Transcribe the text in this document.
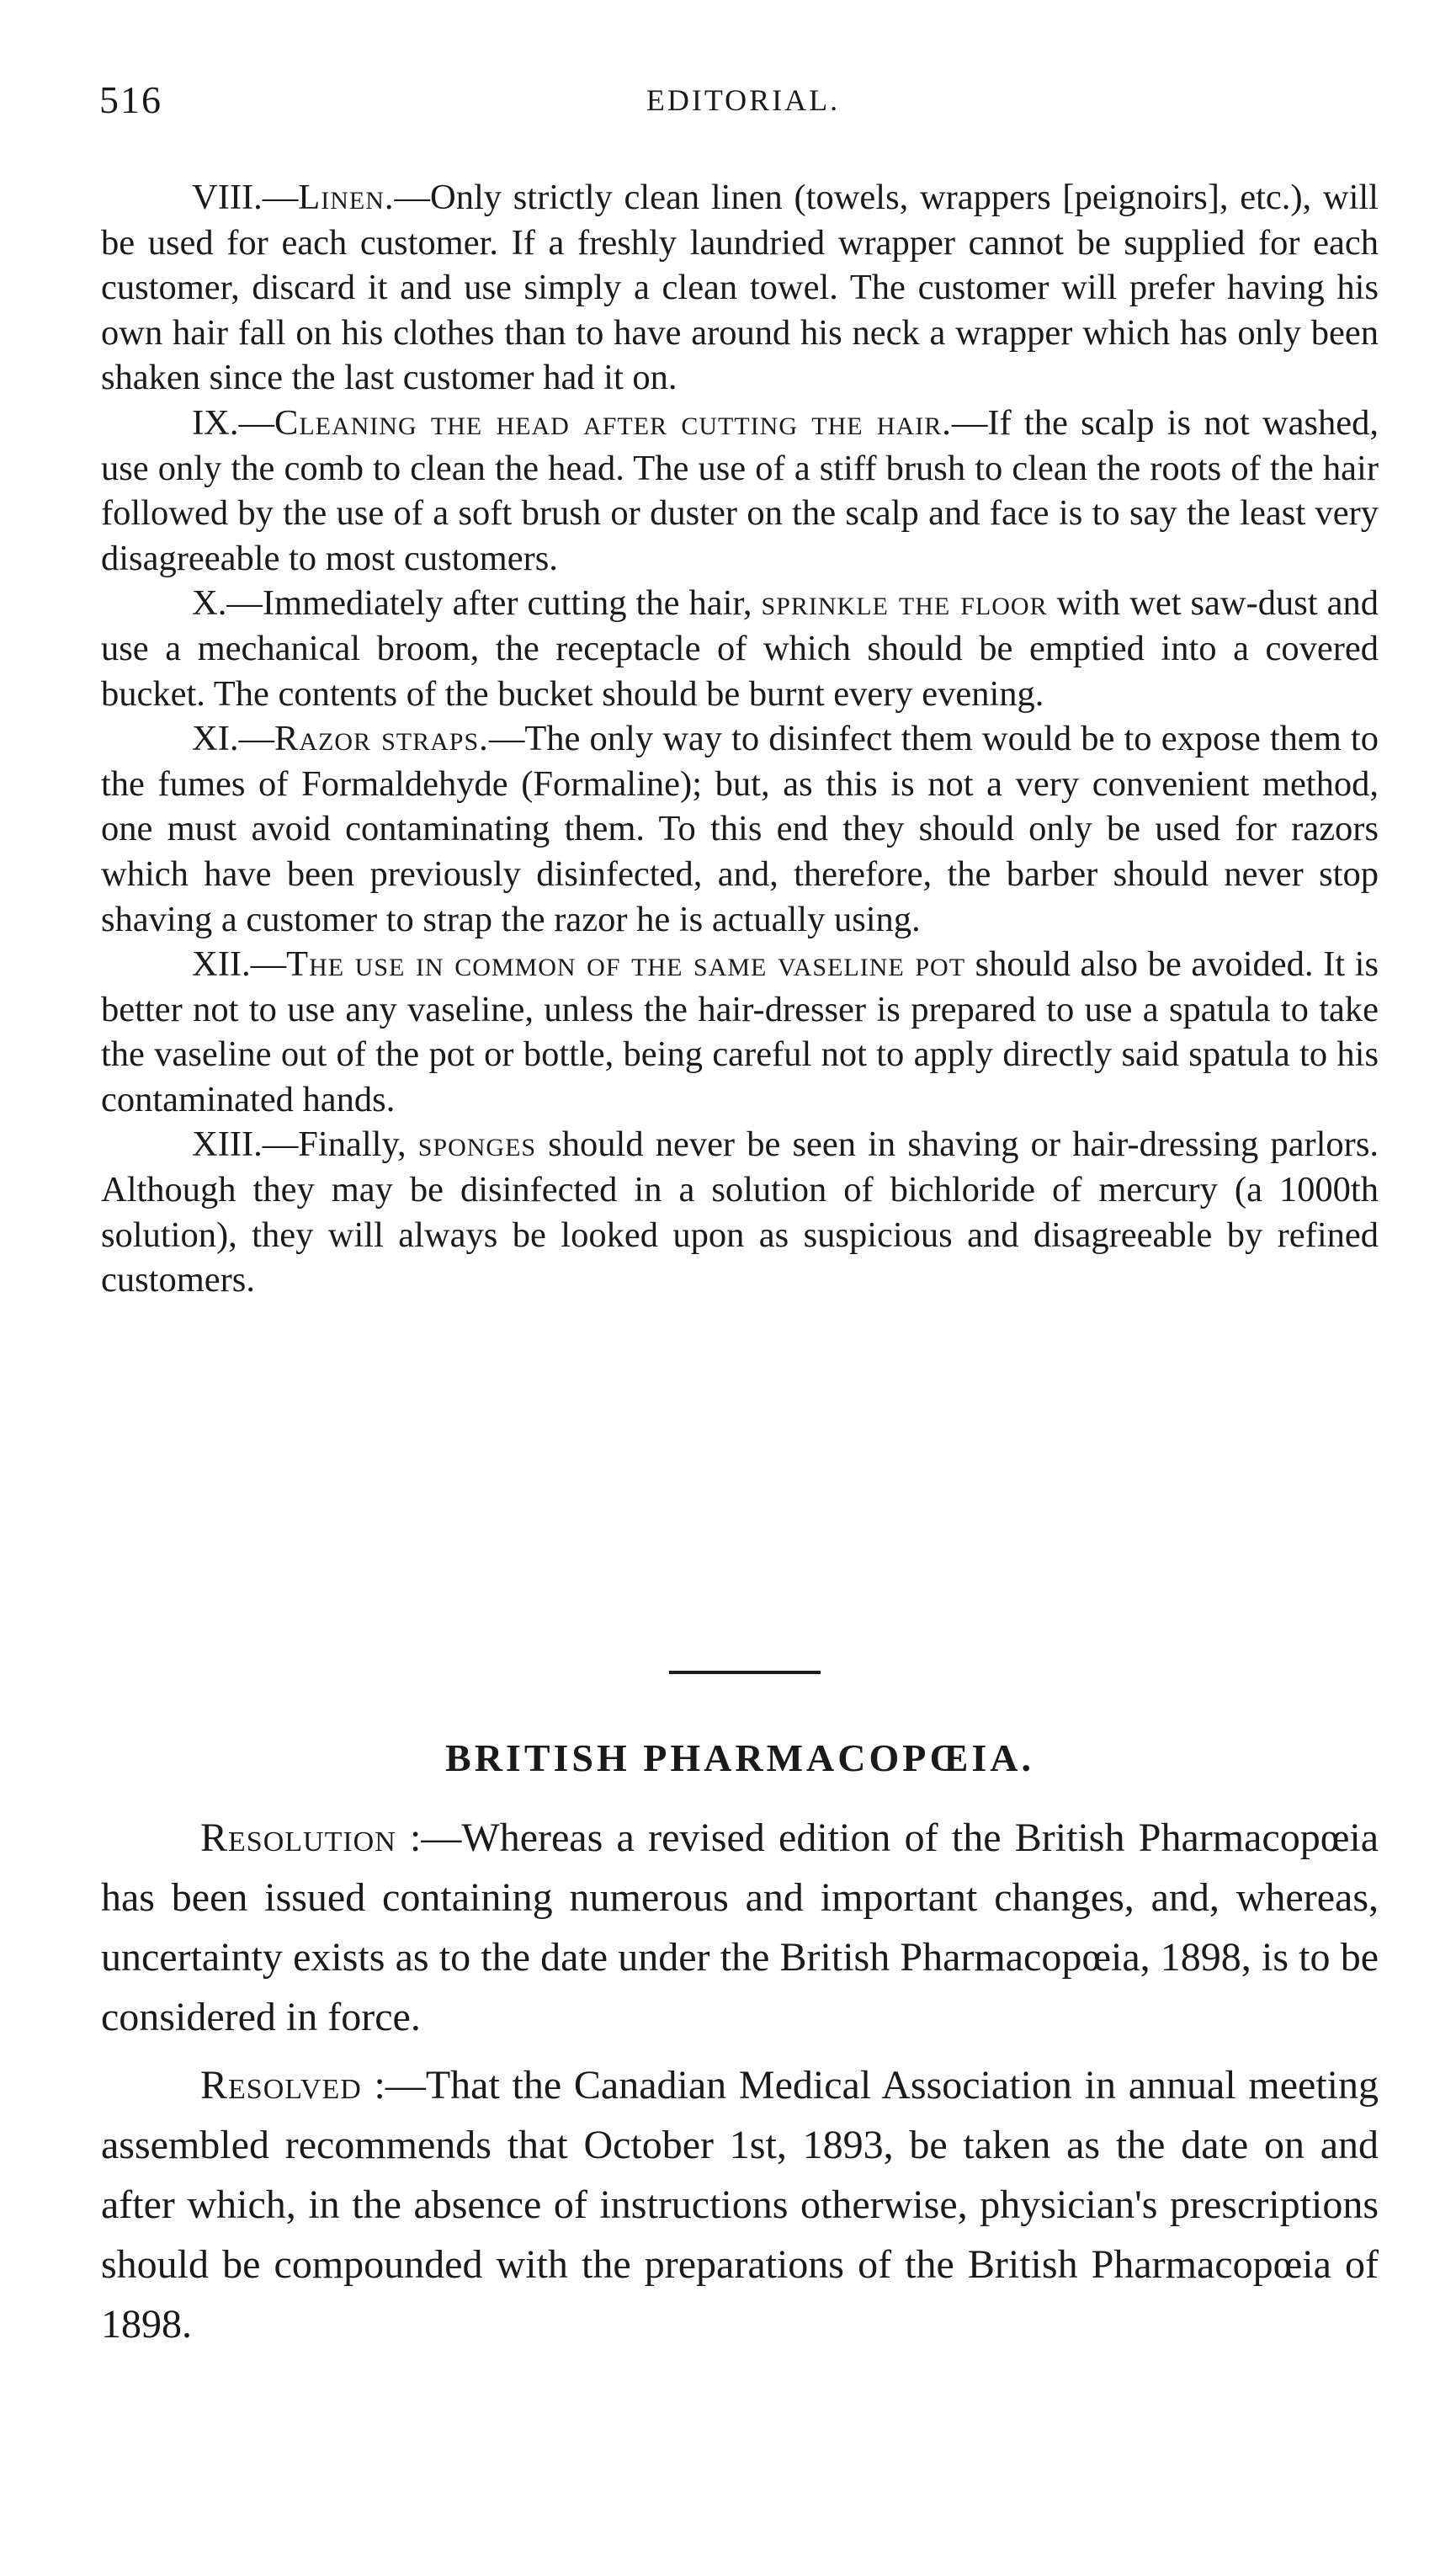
516	EDITORIAL.

VIII.—Linen.—Only strictly clean linen (towels, wrappers [peignoirs], etc.), will be used for each customer. If a freshly laundried wrapper cannot be supplied for each customer, discard it and use simply a clean towel. The customer will prefer having his own hair fall on his clothes than to have around his neck a wrapper which has only been shaken since the last customer had it on.

IX.—Cleaning the head after cutting the hair.—If the scalp is not washed, use only the comb to clean the head. The use of a stiff brush to clean the roots of the hair followed by the use of a soft brush or duster on the scalp and face is to say the least very disagreeable to most customers.

X.—Immediately after cutting the hair, sprinkle the floor with wet saw-dust and use a mechanical broom, the receptacle of which should be emptied into a covered bucket. The contents of the bucket should be burnt every evening.

XI.—Razor straps.—The only way to disinfect them would be to expose them to the fumes of Formaldehyde (Formaline); but, as this is not a very convenient method, one must avoid contaminating them. To this end they should only be used for razors which have been previously disinfected, and, therefore, the barber should never stop shaving a customer to strap the razor he is actually using.

XII.—The use in common of the same vaseline pot should also be avoided. It is better not to use any vaseline, unless the hair-dresser is prepared to use a spatula to take the vaseline out of the pot or bottle, being careful not to apply directly said spatula to his contaminated hands.

XIII.—Finally, sponges should never be seen in shaving or hair-dressing parlors. Although they may be disinfected in a solution of bichloride of mercury (a 1000th solution), they will always be looked upon as suspicious and disagreeable by refined customers.

BRITISH PHARMACOPŒIA.

Resolution :—Whereas a revised edition of the British Pharmacopœia has been issued containing numerous and important changes, and, whereas, uncertainty exists as to the date under the British Pharmacopœia, 1898, is to be considered in force.

Resolved :—That the Canadian Medical Association in annual meeting assembled recommends that October 1st, 1893, be taken as the date on and after which, in the absence of instructions otherwise, physician's prescriptions should be compounded with the preparations of the British Pharmacopœia of 1898.
